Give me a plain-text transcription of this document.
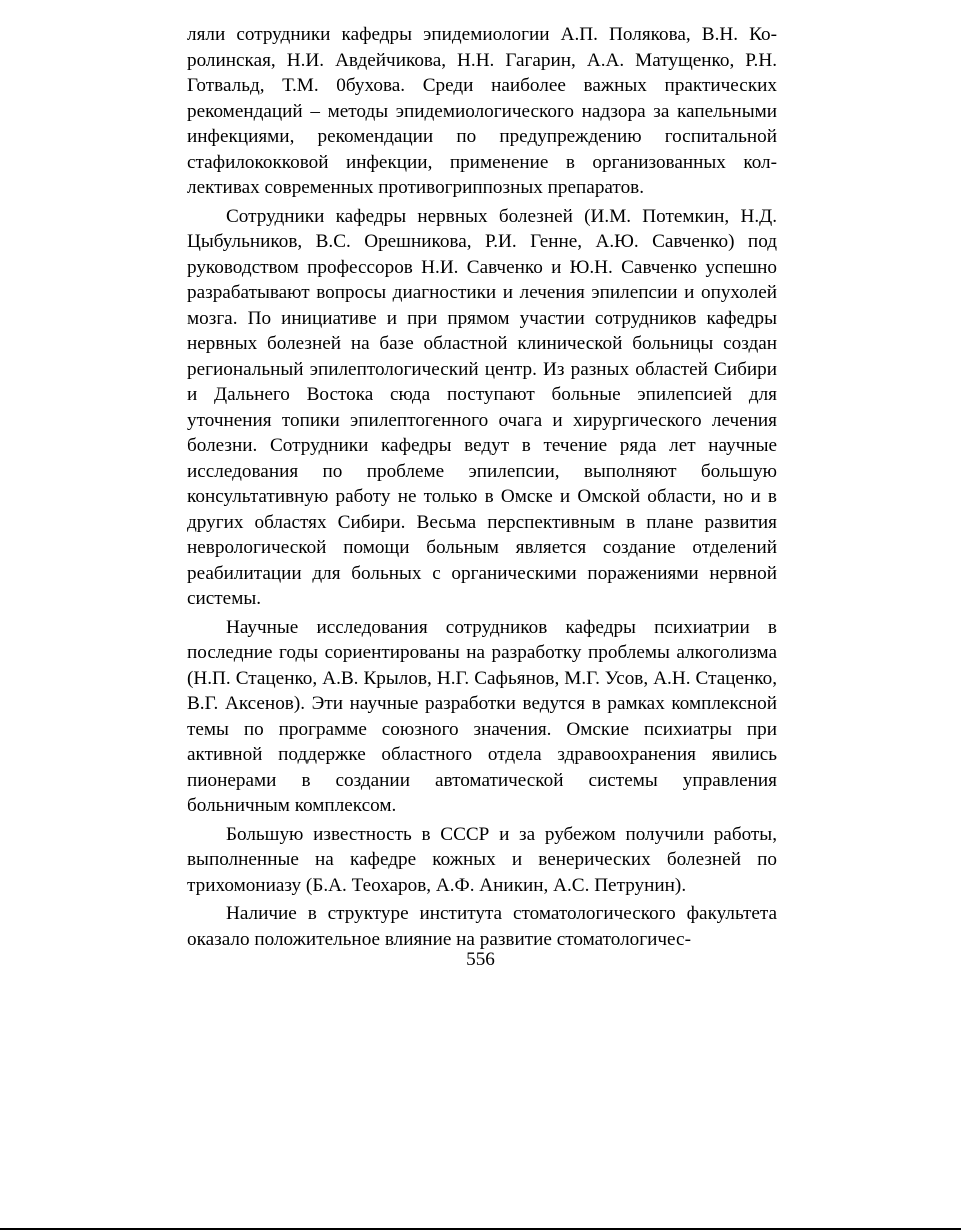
ляли сотрудники кафедры эпидемиологии А.П. Полякова, В.Н. Королинская, Н.И. Авдейчикова, Н.Н. Гагарин, А.А. Матущенко, Р.Н. Готвальд, Т.М. 0бухова. Среди наиболее важных практических рекомендаций – методы эпидемиологического надзора за капельными инфекциями, рекомендации по предупреждению госпитальной стафилококковой инфекции, применение в организованных коллективах современных противогриппозных препаратов.

Сотрудники кафедры нервных болезней (И.М. Потемкин, Н.Д. Цыбульников, В.С. Орешникова, Р.И. Генне, А.Ю. Савченко) под руководством профессоров Н.И. Савченко и Ю.Н. Савченко успешно разрабатывают вопросы диагностики и лечения эпилепсии и опухолей мозга. По инициативе и при прямом участии сотрудников кафедры нервных болезней на базе областной клинической больницы создан региональный эпилептологический центр. Из разных областей Сибири и Дальнего Востока сюда поступают больные эпилепсией для уточнения топики эпилептогенного очага и хирургического лечения болезни. Сотрудники кафедры ведут в течение ряда лет научные исследования по проблеме эпилепсии, выполняют большую консультативную работу не только в Омске и Омской области, но и в других областях Сибири. Весьма перспективным в плане развития неврологической помощи больным является создание отделений реабилитации для больных с органическими поражениями нервной системы.

Научные исследования сотрудников кафедры психиатрии в последние годы сориентированы на разработку проблемы алкоголизма (Н.П. Стаценко, А.В. Крылов, Н.Г. Сафьянов, М.Г. Усов, А.Н. Стаценко, В.Г. Аксенов). Эти научные разработки ведутся в рамках комплексной темы по программе союзного значения. Омские психиатры при активной поддержке областного отдела здравоохранения явились пионерами в создании автоматической системы управления больничным комплексом.

Большую известность в СССР и за рубежом получили работы, выполненные на кафедре кожных и венерических болезней по трихомониазу (Б.А. Теохаров, А.Ф. Аникин, А.С. Петрунин).

Наличие в структуре института стоматологического факультета оказало положительное влияние на развитие стоматологичес-

556
